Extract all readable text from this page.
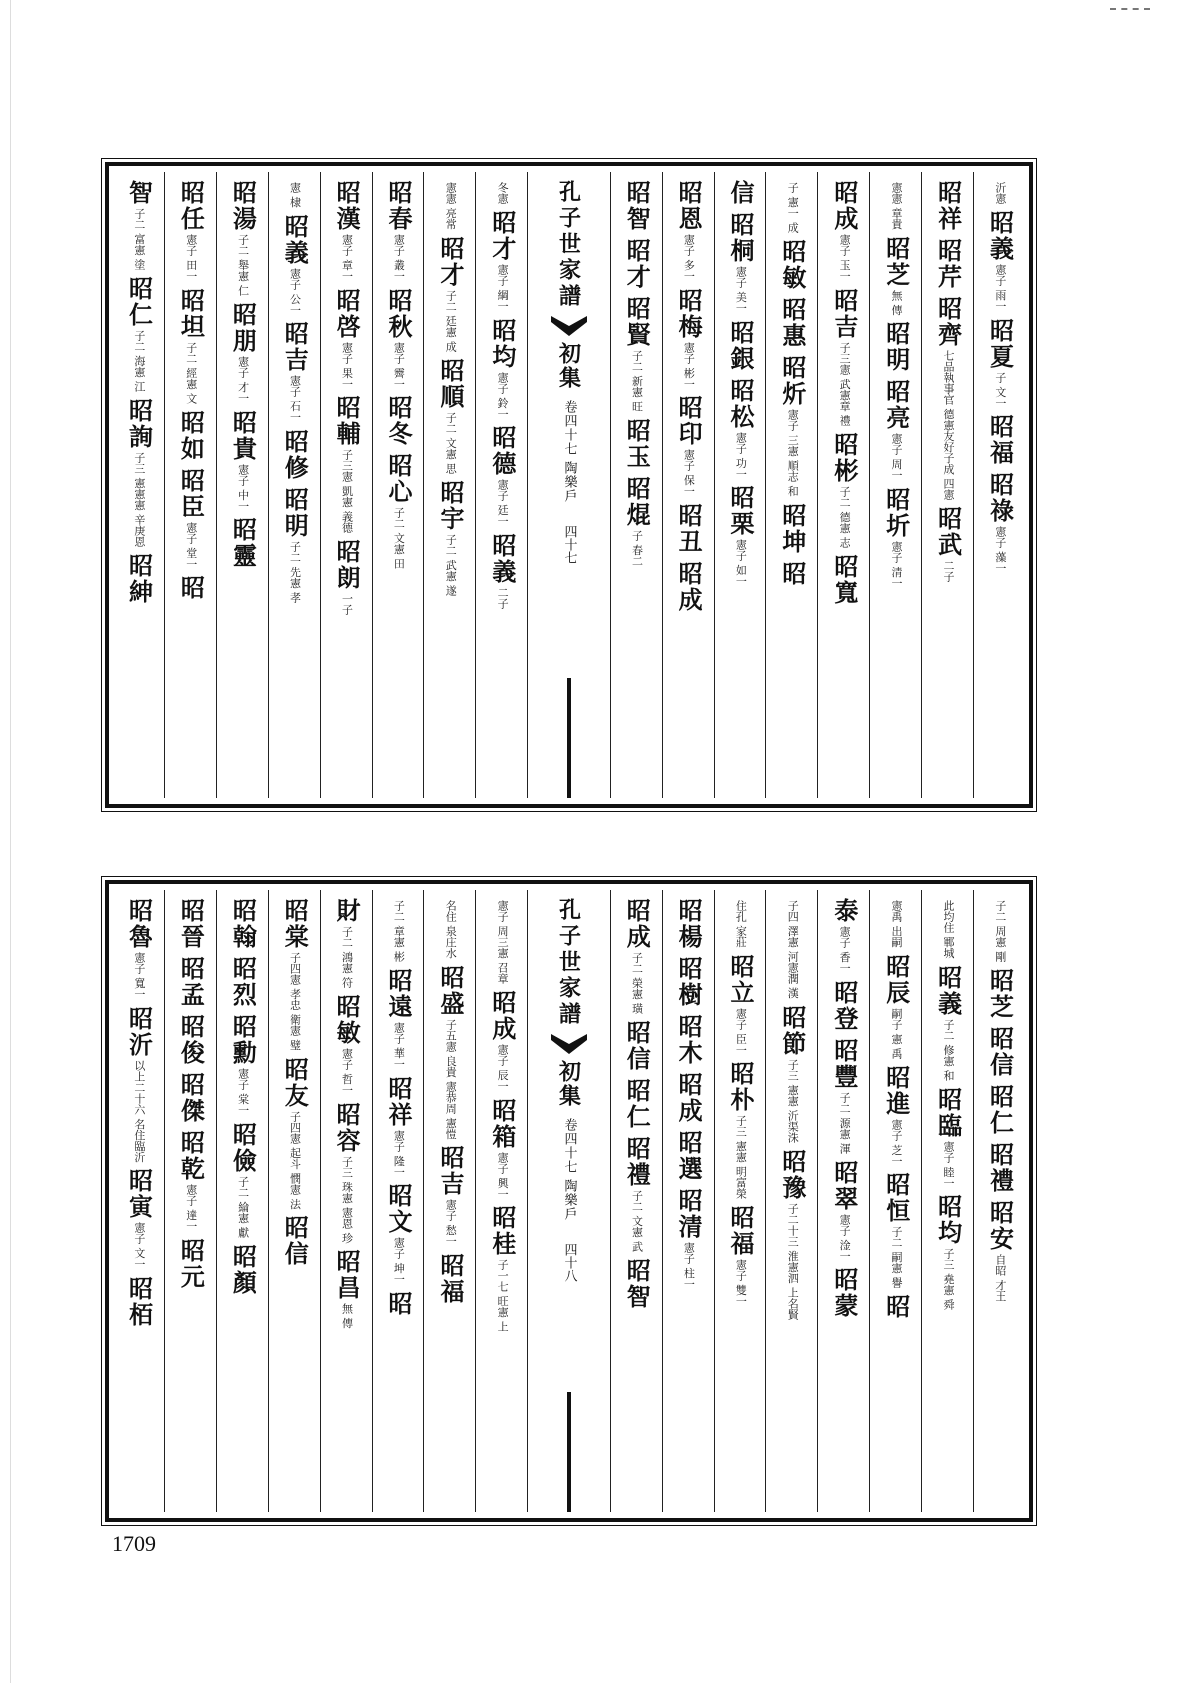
沂憲
昭義
憲子 雨一
昭夏
子 文一
昭福
昭祿
憲子 藻一
昭祥
昭芹
昭齊
七品執事官 德憲友好子成 四憲
昭武
二子
憲憲 章貴
昭芝
無 傳
昭明
昭亮
憲子 周一
昭圻
憲子 清一
昭成
憲子 玉一
昭吉
子三憲 武憲章 禮
昭彬
子二 德憲 志
昭寬
子 憲一 成
昭敏
昭惠
昭炘
憲子 三憲 順志 和
昭坤
昭
信
昭桐
憲子 美一
昭銀
昭松
憲子 功一
昭栗
憲子 如一
昭恩
憲子 多一
昭梅
憲子 彬一
昭印
憲子 保一
昭丑
昭成
昭智
昭才
昭賢
子二 新憲 旺
昭玉
昭焜
子 春二
孔子世家譜
初集
卷四十七 陶樂戶
四十七
冬憲
昭才
憲子 綱一
昭均
憲子 鈴一
昭德
憲子 廷一
昭義
二子
憲憲 亮常
昭才
子二 廷憲 成
昭順
子二 文憲 思
昭宇
子二 武憲 遂
昭春
憲子 叢一
昭秋
憲子 霽一
昭冬
昭心
子二 文憲 田
昭漢
憲子 章一
昭啓
憲子 果一
昭輔
子三憲 凱憲 義德
昭朗
一子
憲 棣
昭義
憲子 公一
昭吉
憲子 石一
昭修
昭明
子二 先憲 孝
昭湯
子二 舉憲 仁
昭朋
憲子 才一
昭貴
憲子 中一
昭靈
昭任
憲子 田一
昭坦
子二 經憲 文
昭如
昭臣
憲子 堂一
昭
智
子二 富憲 塗
昭仁
子二 海憲 江
昭詢
子三 憲憲憲 辛庚恩
昭紳
子二 周憲 剛
昭芝
昭信
昭仁
昭禮
昭安
自昭 才王
此均住 鄆城
昭義
子二 修憲 和
昭臨
憲子 睦一
昭均
子三 堯憲 舜
憲禹 出嗣
昭辰
嗣子 憲 禹
昭進
憲子 芝一
昭恒
子二 嗣憲 譽
昭
泰
憲子 香一
昭登
昭豐
子二 源憲 渾
昭翠
憲子 淦一
昭蒙
子四 澤憲 河憲潤 漢
昭節
子三 憲憲 沂渠洙
昭豫
子二十三 淮憲泗 上名賢
住孔 家莊
昭立
憲子 臣一
昭朴
子三 憲憲 明富榮
昭福
憲子 雙一
昭楊
昭樹
昭木
昭成
昭選
昭清
憲子 柱一
昭成
子二 榮憲 璜
昭信
昭仁
昭禮
子二 文憲 武
昭智
孔子世家譜
初集
卷四十七 陶樂戶
四十八
憲子 周三憲 召章
昭成
憲子 辰一
昭箱
憲子 興一
昭桂
子一七 旺憲 上
名住 泉庄水
昭盛
子五憲 良貴 憲恭周 憲愷
昭吉
憲子 愁一
昭福
子二 章憲 彬
昭遠
憲子 華一
昭祥
憲子 隆一
昭文
憲子 坤一
昭
財
子二 鴻憲 符
昭敏
憲子 哲一
昭容
子三 珠憲 憲恩 珍
昭昌
無 傳
昭棠
子四憲 孝忠 衛憲 璧
昭友
子四憲 起斗 憫憲 法
昭信
昭翰
昭烈
昭勳
憲子 棠一
昭儉
子二 綸憲 獻
昭顏
昭晉
昭孟
昭俊
昭傑
昭乾
憲子 達一
昭元
昭魯
憲子 寬一
昭沂
以上二十六 名住臨沂
昭寅
憲子 文一
昭栢
1709
